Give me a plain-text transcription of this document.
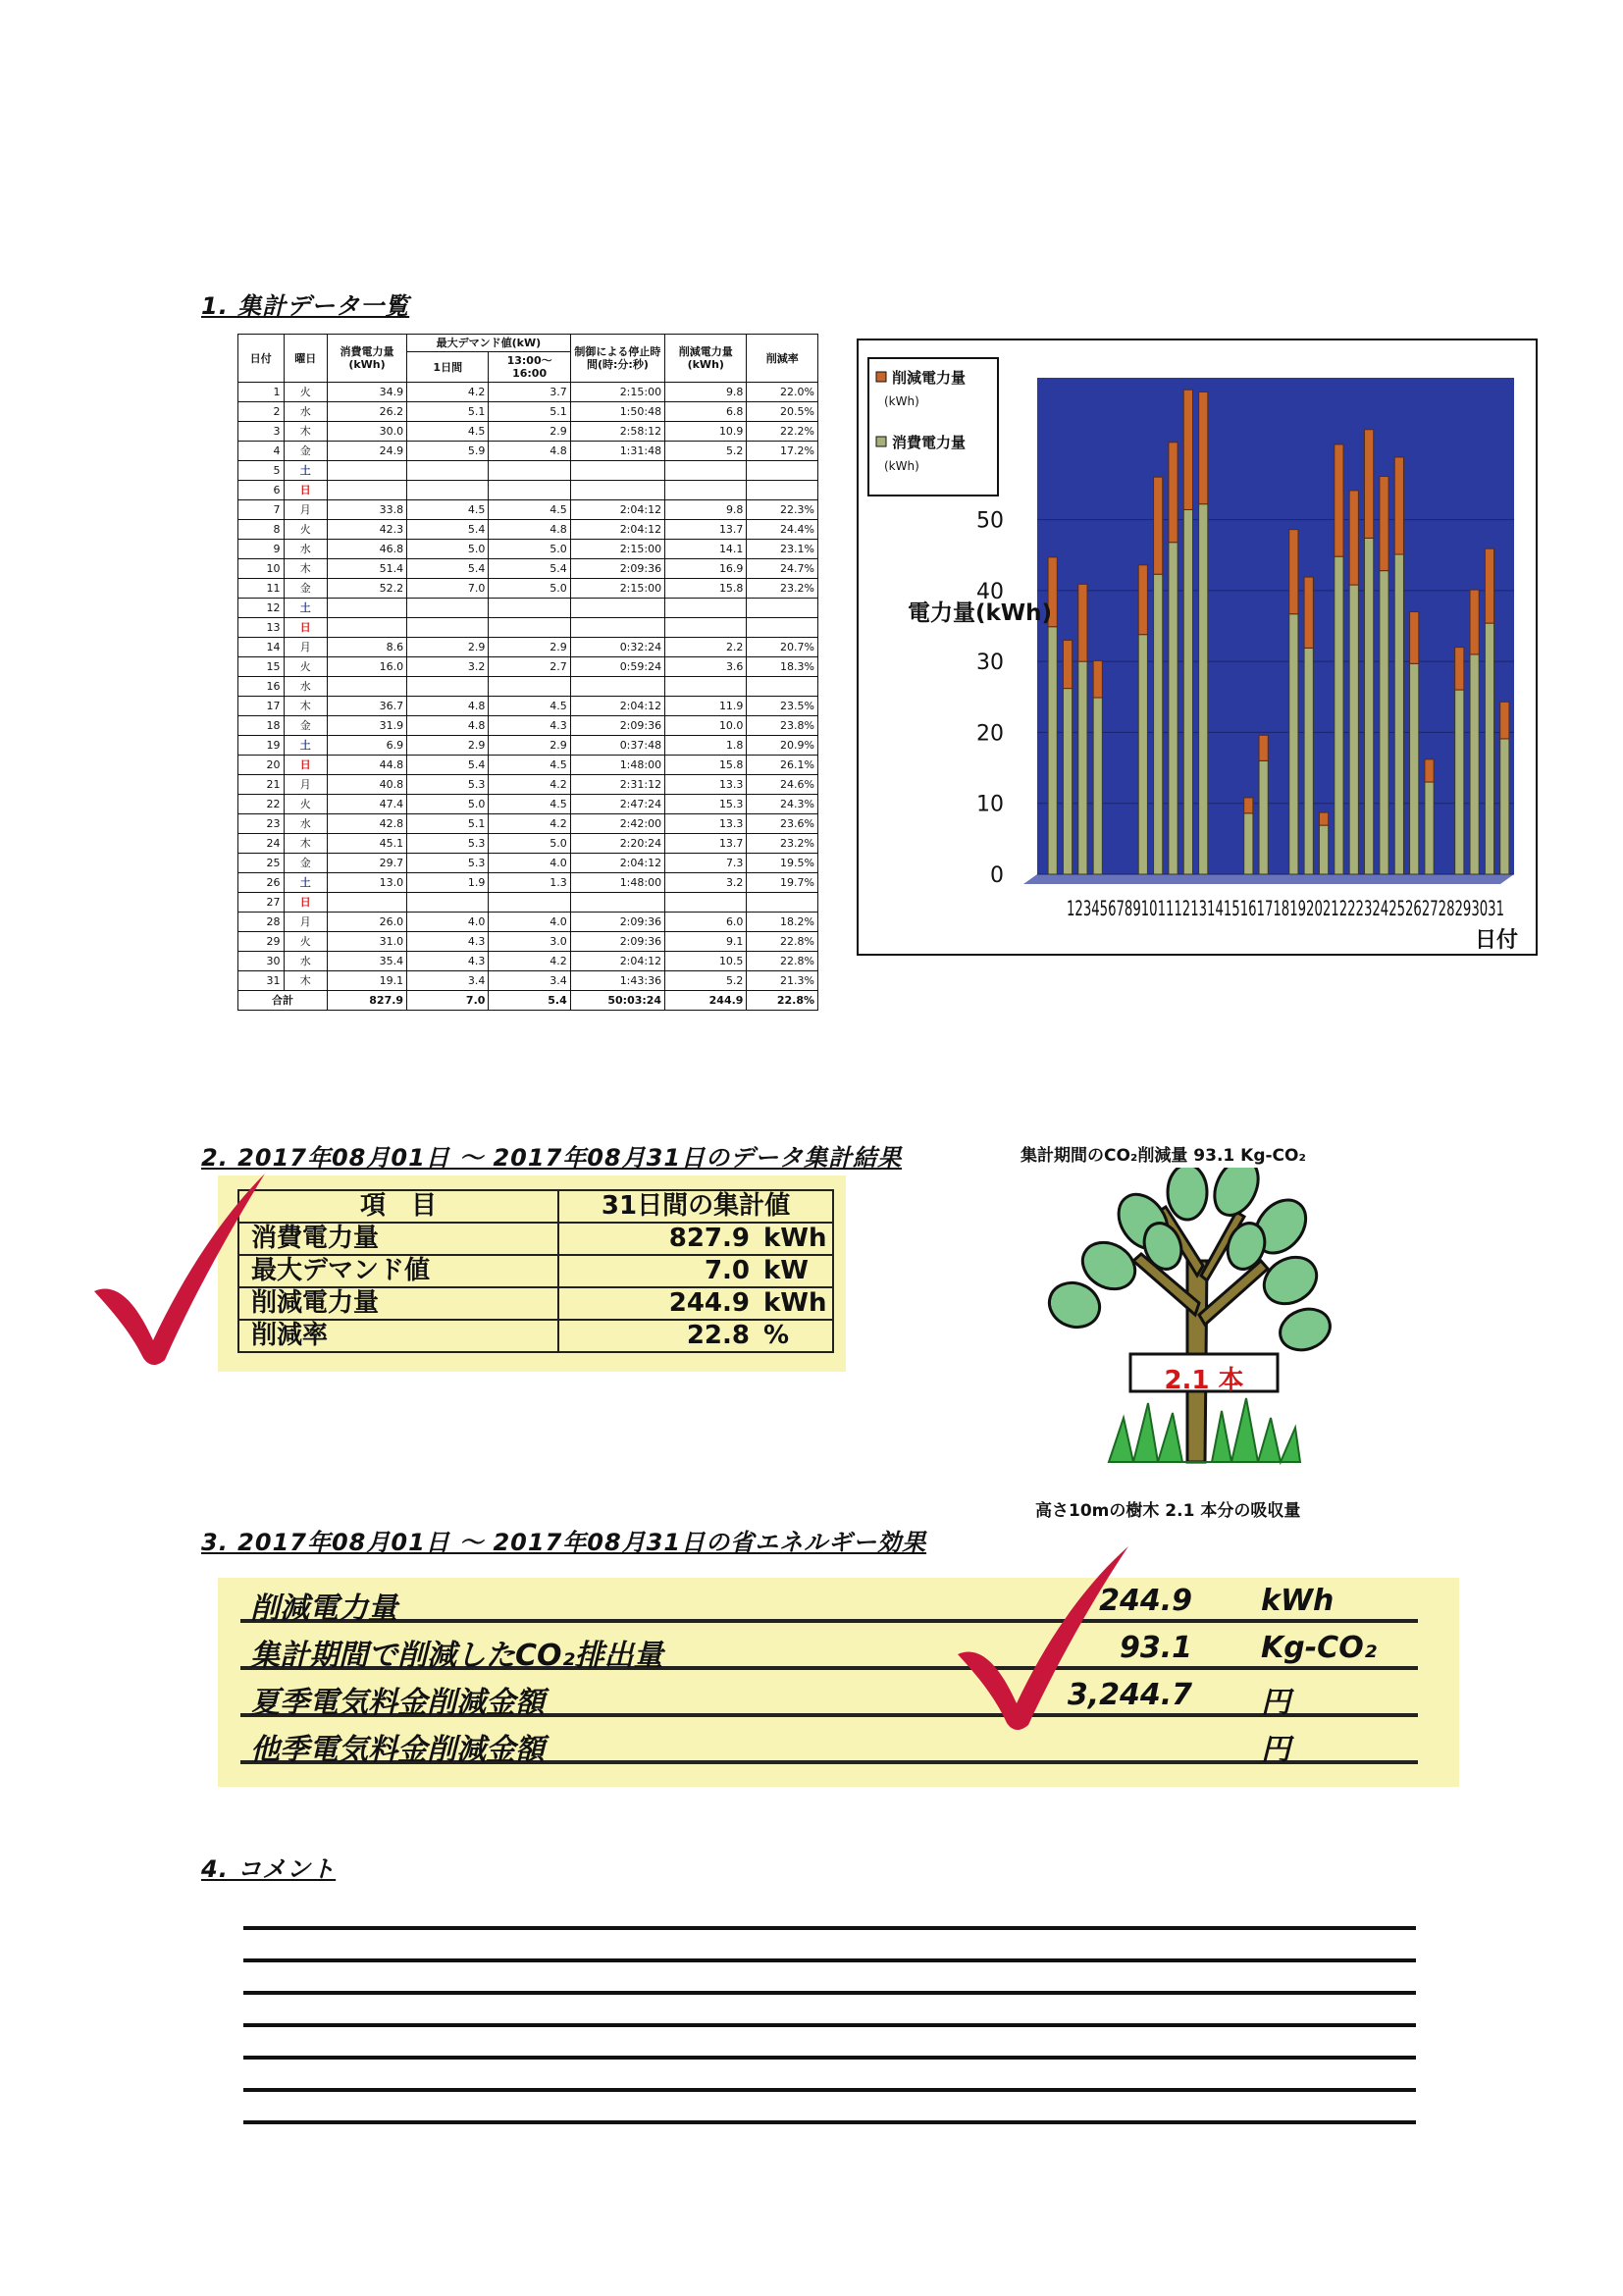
1. 集計データ一覧
日付	曜日	消費電力量(kWh)	最大デマンド値(kW)		制御による停止時間(時:分:秒)	削減電力量(kWh)	削減率
			1日間	13:00〜16:00			
1	火	34.9	4.2	3.7	2:15:00	9.8	22.0%
2	水	26.2	5.1	5.1	1:50:48	6.8	20.5%
3	木	30.0	4.5	2.9	2:58:12	10.9	22.2%
4	金	24.9	5.9	4.8	1:31:48	5.2	17.2%
5	土						
6	日						
7	月	33.8	4.5	4.5	2:04:12	9.8	22.3%
8	火	42.3	5.4	4.8	2:04:12	13.7	24.4%
9	水	46.8	5.0	5.0	2:15:00	14.1	23.1%
10	木	51.4	5.4	5.4	2:09:36	16.9	24.7%
11	金	52.2	7.0	5.0	2:15:00	15.8	23.2%
12	土						
13	日						
14	月	8.6	2.9	2.9	0:32:24	2.2	20.7%
15	火	16.0	3.2	2.7	0:59:24	3.6	18.3%
16	水						
17	木	36.7	4.8	4.5	2:04:12	11.9	23.5%
18	金	31.9	4.8	4.3	2:09:36	10.0	23.8%
19	土	6.9	2.9	2.9	0:37:48	1.8	20.9%
20	日	44.8	5.4	4.5	1:48:00	15.8	26.1%
21	月	40.8	5.3	4.2	2:31:12	13.3	24.6%
22	火	47.4	5.0	4.5	2:47:24	15.3	24.3%
23	水	42.8	5.1	4.2	2:42:00	13.3	23.6%
24	木	45.1	5.3	5.0	2:20:24	13.7	23.2%
25	金	29.7	5.3	4.0	2:04:12	7.3	19.5%
26	土	13.0	1.9	1.3	1:48:00	3.2	19.7%
27	日						
28	月	26.0	4.0	4.0	2:09:36	6.0	18.2%
29	火	31.0	4.3	3.0	2:09:36	9.1	22.8%
30	水	35.4	4.3	4.2	2:04:12	10.5	22.8%
31	木	19.1	3.4	3.4	1:43:36	5.2	21.3%
合計		827.9	7.0	5.4	50:03:24	244.9	22.8%
0
10
20
30
40
50
12345678910111213141516171819202122232425262728293031
日付
電力量(kWh)
削減電力量
(kWh)
消費電力量
(kWh)
2. 2017年08月01日 〜 2017年08月31日のデータ集計結果
項　目	31日間の集計値
消費電力量	827.9 kWh
最大デマンド値	7.0 kW
削減電力量	244.9 kWh
削減率	22.8 %
集計期間のCO₂削減量 93.1 Kg-CO₂
2.1 本
高さ10mの樹木 2.1 本分の吸収量
3. 2017年08月01日 〜 2017年08月31日の省エネルギー効果
削減電力量	244.9 kWh
集計期間で削減したCO₂排出量	93.1 Kg-CO₂
夏季電気料金削減金額	3,244.7 円
他季電気料金削減金額	円
4. コメント
